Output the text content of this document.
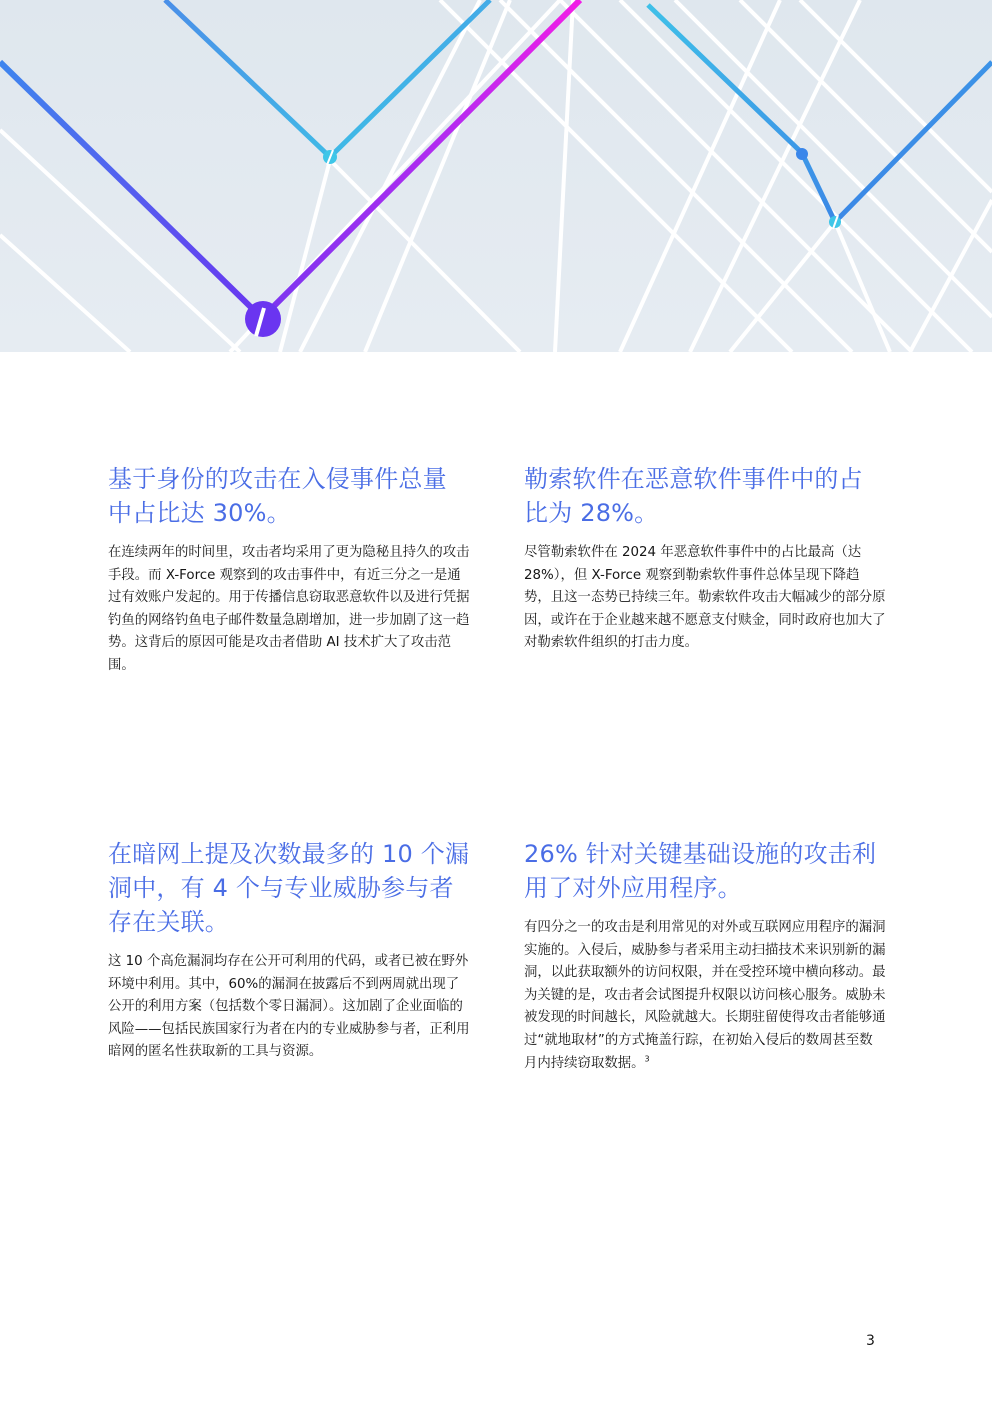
基于身份的攻击在入侵事件总量中占比达 30%。

在连续两年的时间里，攻击者均采用了更为隐秘且持久的攻击手段。而 X-Force 观察到的攻击事件中，有近三分之一是通过有效账户发起的。用于传播信息窃取恶意软件以及进行凭据钓鱼的网络钓鱼电子邮件数量急剧增加，进一步加剧了这一趋势。这背后的原因可能是攻击者借助 AI 技术扩大了攻击范围。

勒索软件在恶意软件事件中的占比为 28%。

尽管勒索软件在 2024 年恶意软件事件中的占比最高（达 28%），但 X-Force 观察到勒索软件事件总体呈现下降趋势，且这一态势已持续三年。勒索软件攻击大幅减少的部分原因，或许在于企业越来越不愿意支付赎金，同时政府也加大了对勒索软件组织的打击力度。

在暗网上提及次数最多的 10 个漏洞中，有 4 个与专业威胁参与者存在关联。

这 10 个高危漏洞均存在公开可利用的代码，或者已被在野外环境中利用。其中，60%的漏洞在披露后不到两周就出现了公开的利用方案（包括数个零日漏洞）。这加剧了企业面临的风险——包括民族国家行为者在内的专业威胁参与者，正利用暗网的匿名性获取新的工具与资源。

26% 针对关键基础设施的攻击利用了对外应用程序。

有四分之一的攻击是利用常见的对外或互联网应用程序的漏洞实施的。入侵后，威胁参与者采用主动扫描技术来识别新的漏洞，以此获取额外的访问权限，并在受控环境中横向移动。最为关键的是，攻击者会试图提升权限以访问核心服务。威胁未被发现的时间越长，风险就越大。长期驻留使得攻击者能够通过“就地取材”的方式掩盖行踪，在初始入侵后的数周甚至数月内持续窃取数据。$^3$

3
